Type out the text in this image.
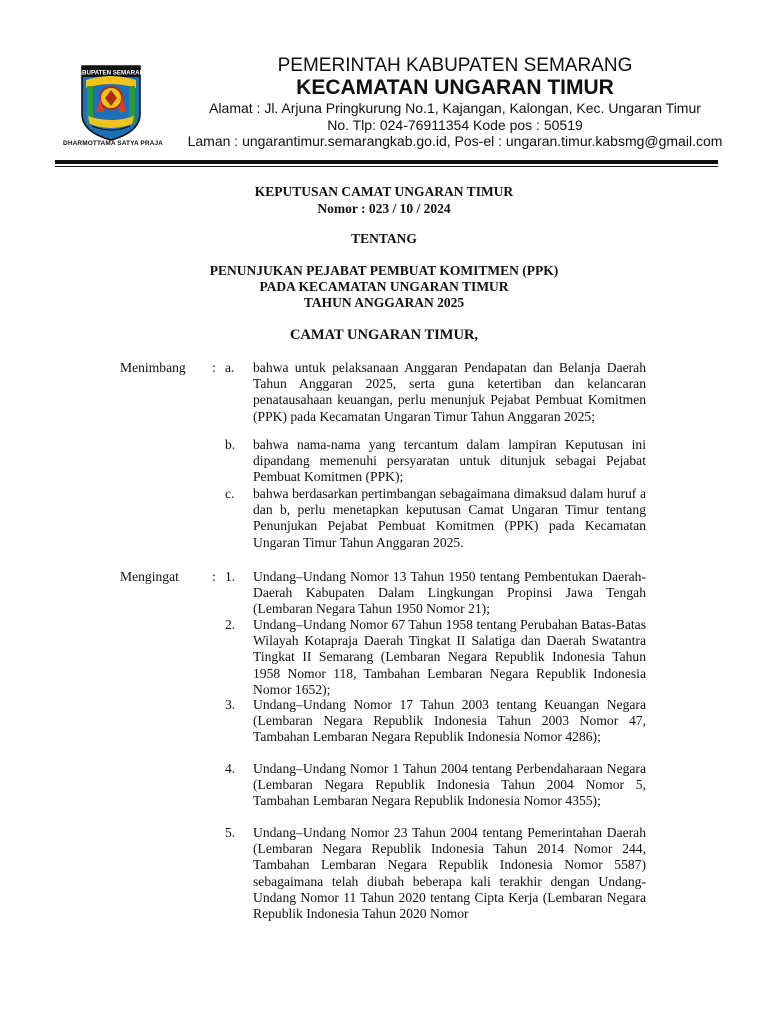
KABUPATEN SEMARANG
DHARMOTTAMA SATYA PRAJA
PEMERINTAH KABUPATEN SEMARANG
KECAMATAN UNGARAN TIMUR
Alamat : Jl. Arjuna Pringkurung No.1, Kajangan, Kalongan, Kec. Ungaran Timur
No. Tlp: 024-76911354 Kode pos : 50519
Laman : ungarantimur.semarangkab.go.id, Pos-el : ungaran.timur.kabsmg@gmail.com
KEPUTUSAN CAMAT UNGARAN TIMUR
Nomor : 023 / 10 / 2024
TENTANG
PENUNJUKAN PEJABAT PEMBUAT KOMITMEN (PPK)
PADA KECAMATAN UNGARAN TIMUR
TAHUN ANGGARAN 2025
CAMAT UNGARAN TIMUR,
Menimbang : a. bahwa untuk pelaksanaan Anggaran Pendapatan dan Belanja Daerah Tahun Anggaran 2025, serta guna ketertiban dan kelancaran penatausahaan keuangan, perlu menunjuk Pejabat Pembuat Komitmen (PPK) pada Kecamatan Ungaran Timur Tahun Anggaran 2025;
b. bahwa nama-nama yang tercantum dalam lampiran Keputusan ini dipandang memenuhi persyaratan untuk ditunjuk sebagai Pejabat Pembuat Komitmen (PPK);
c. bahwa berdasarkan pertimbangan sebagaimana dimaksud dalam huruf a dan b, perlu menetapkan keputusan Camat Ungaran Timur tentang Penunjukan Pejabat Pembuat Komitmen (PPK) pada Kecamatan Ungaran Timur Tahun Anggaran 2025.
Mengingat : 1. Undang–Undang Nomor 13 Tahun 1950 tentang Pembentukan Daerah-Daerah Kabupaten Dalam Lingkungan Propinsi Jawa Tengah (Lembaran Negara Tahun 1950 Nomor 21);
2. Undang–Undang Nomor 67 Tahun 1958 tentang Perubahan Batas-Batas Wilayah Kotapraja Daerah Tingkat II Salatiga dan Daerah Swatantra Tingkat II Semarang (Lembaran Negara Republik Indonesia Tahun 1958 Nomor 118, Tambahan Lembaran Negara Republik Indonesia Nomor 1652);
3. Undang–Undang Nomor 17 Tahun 2003 tentang Keuangan Negara (Lembaran Negara Republik Indonesia Tahun 2003 Nomor 47, Tambahan Lembaran Negara Republik Indonesia Nomor 4286);
4. Undang–Undang Nomor 1 Tahun 2004 tentang Perbendaharaan Negara (Lembaran Negara Republik Indonesia Tahun 2004 Nomor 5, Tambahan Lembaran Negara Republik Indonesia Nomor 4355);
5. Undang–Undang Nomor 23 Tahun 2004 tentang Pemerintahan Daerah (Lembaran Negara Republik Indonesia Tahun 2014 Nomor 244, Tambahan Lembaran Negara Republik Indonesia Nomor 5587) sebagaimana telah diubah beberapa kali terakhir dengan Undang-Undang Nomor 11 Tahun 2020 tentang Cipta Kerja (Lembaran Negara Republik Indonesia Tahun 2020 Nomor
